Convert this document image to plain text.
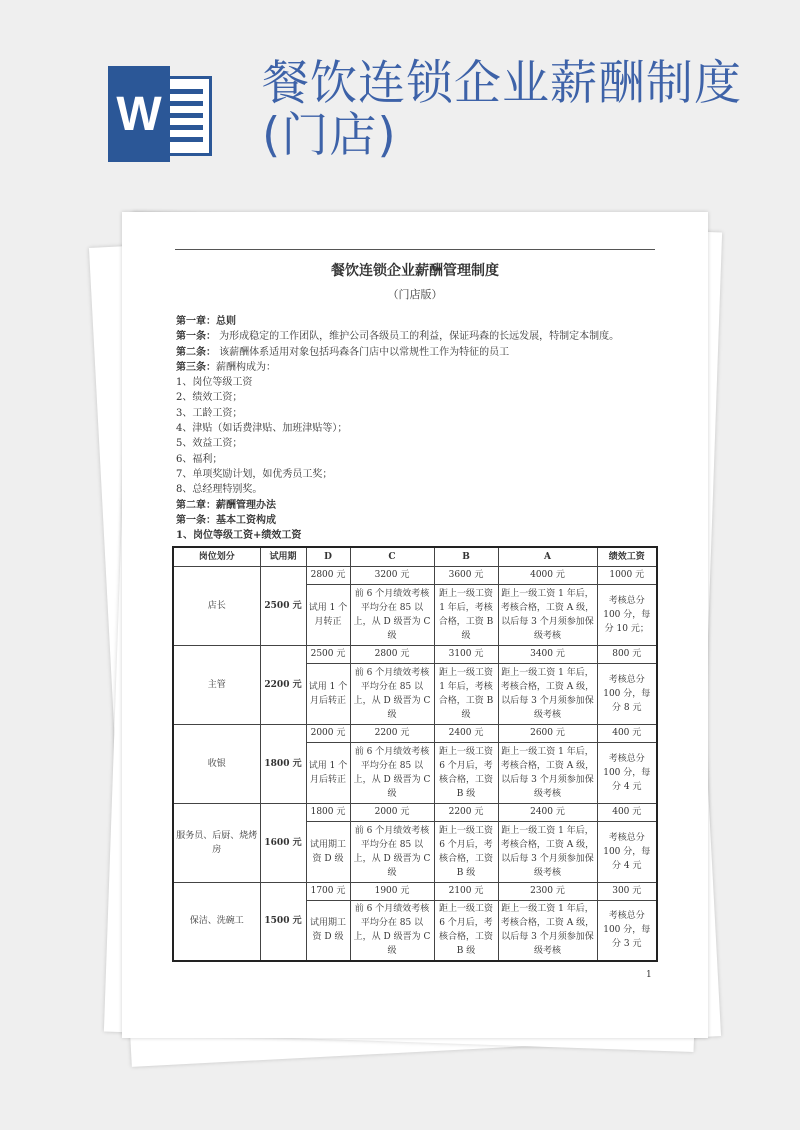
W
餐饮连锁企业薪酬制度(门店)
餐饮连锁企业薪酬管理制度
（门店版）
第一章：总则
第一条： 为形成稳定的工作团队，维护公司各级员工的利益，保证玛森的长远发展，特制定本制度。
第二条： 该薪酬体系适用对象包括玛森各门店中以常规性工作为特征的员工
第三条：薪酬构成为：
1、岗位等级工资
2、绩效工资；
3、工龄工资；
4、津贴（如话费津贴、加班津贴等）；
5、效益工资；
6、福利；
7、单项奖励计划，如优秀员工奖；
8、总经理特别奖。
第二章：薪酬管理办法
第一条：基本工资构成
1、岗位等级工资+绩效工资
岗位划分	试用期	D	C	B	A	绩效工资
店长	2500 元	2800 元	3200 元	3600 元	4000 元	1000 元
		试用 1 个月转正	前 6 个月绩效考核平均分在 85 以上，从 D 级晋为 C 级	距上一级工资 1 年后，考核合格，工资 B 级	距上一级工资 1 年后，考核合格，工资 A 级，以后每 3 个月须参加保级考核	考核总分 100 分，每分 10 元；
主管	2200 元	2500 元	2800 元	3100 元	3400 元	800 元
		试用 1 个月后转正	前 6 个月绩效考核平均分在 85 以上，从 D 级晋为 C 级	距上一级工资 1 年后，考核合格，工资 B 级	距上一级工资 1 年后，考核合格，工资 A 级，以后每 3 个月须参加保级考核	考核总分 100 分，每分 8 元
收银	1800 元	2000 元	2200 元	2400 元	2600 元	400 元
		试用 1 个月后转正	前 6 个月绩效考核平均分在 85 以上，从 D 级晋为 C 级	距上一级工资 6 个月后，考核合格，工资 B 级	距上一级工资 1 年后，考核合格，工资 A 级，以后每 3 个月须参加保级考核	考核总分 100 分，每分 4 元
服务员、后厨、烧烤房	1600 元	1800 元	2000 元	2200 元	2400 元	400 元
		试用期工资 D 级	前 6 个月绩效考核平均分在 85 以上，从 D 级晋为 C 级	距上一级工资 6 个月后，考核合格，工资 B 级	距上一级工资 1 年后，考核合格，工资 A 级，以后每 3 个月须参加保级考核	考核总分 100 分，每分 4 元
保洁、洗碗工	1500 元	1700 元	1900 元	2100 元	2300 元	300 元
		试用期工资 D 级	前 6 个月绩效考核平均分在 85 以上，从 D 级晋为 C 级	距上一级工资 6 个月后，考核合格，工资 B 级	距上一级工资 1 年后，考核合格，工资 A 级，以后每 3 个月须参加保级考核	考核总分 100 分，每分 3 元
1
